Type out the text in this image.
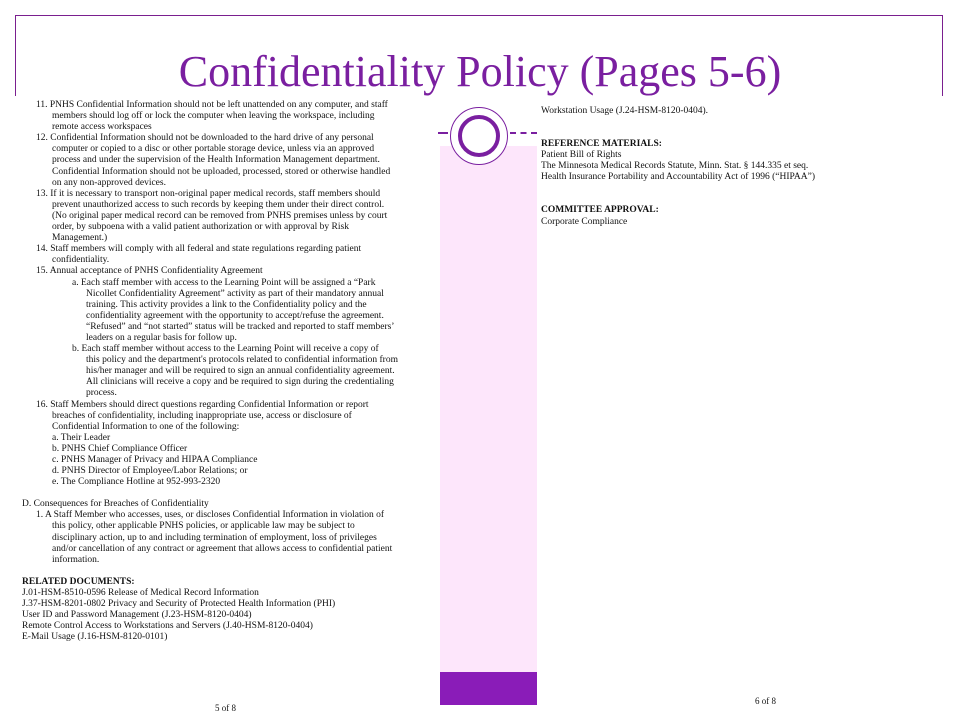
Confidentiality Policy (Pages 5-6)
11. PNHS Confidential Information should not be left unattended on any computer, and staff
members should log off or lock the computer when leaving the workspace, including
remote access workspaces
12. Confidential Information should not be downloaded to the hard drive of any personal
computer or copied to a disc or other portable storage device, unless via an approved
process and under the supervision of the Health Information Management department.
Confidential Information should not be uploaded, processed, stored or otherwise handled
on any non-approved devices.
13. If it is necessary to transport non-original paper medical records, staff members should
prevent unauthorized access to such records by keeping them under their direct control.
(No original paper medical record can be removed from PNHS premises unless by court
order, by subpoena with a valid patient authorization or with approval by Risk
Management.)
14. Staff members will comply with all federal and state regulations regarding patient
confidentiality.
15. Annual acceptance of PNHS Confidentiality Agreement
a. Each staff member with access to the Learning Point will be assigned a “Park
Nicollet Confidentiality Agreement” activity as part of their mandatory annual
training. This activity provides a link to the Confidentiality policy and the
confidentiality agreement with the opportunity to accept/refuse the agreement.
“Refused” and “not started” status will be tracked and reported to staff members’
leaders on a regular basis for follow up.
b. Each staff member without access to the Learning Point will receive a copy of
this policy and the department's protocols related to confidential information from
his/her manager and will be required to sign an annual confidentiality agreement.
All clinicians will receive a copy and be required to sign during the credentialing
process.
16. Staff Members should direct questions regarding Confidential Information or report
breaches of confidentiality, including inappropriate use, access or disclosure of
Confidential Information to one of the following:
a. Their Leader
b. PNHS Chief Compliance Officer
c. PNHS Manager of Privacy and HIPAA Compliance
d. PNHS Director of Employee/Labor Relations; or
e. The Compliance Hotline at 952-993-2320
D. Consequences for Breaches of Confidentiality
1. A Staff Member who accesses, uses, or discloses Confidential Information in violation of
this policy, other applicable PNHS policies, or applicable law may be subject to
disciplinary action, up to and including termination of employment, loss of privileges
and/or cancellation of any contract or agreement that allows access to confidential patient
information.
RELATED DOCUMENTS:
J.01-HSM-8510-0596 Release of Medical Record Information
J.37-HSM-8201-0802 Privacy and Security of Protected Health Information (PHI)
User ID and Password Management (J.23-HSM-8120-0404)
Remote Control Access to Workstations and Servers (J.40-HSM-8120-0404)
E-Mail Usage (J.16-HSM-8120-0101)
5 of 8
Workstation Usage (J.24-HSM-8120-0404).
REFERENCE MATERIALS:
Patient Bill of Rights
The Minnesota Medical Records Statute, Minn. Stat. § 144.335 et seq.
Health Insurance Portability and Accountability Act of 1996 (“HIPAA”)
COMMITTEE APPROVAL:
Corporate Compliance
6 of 8
